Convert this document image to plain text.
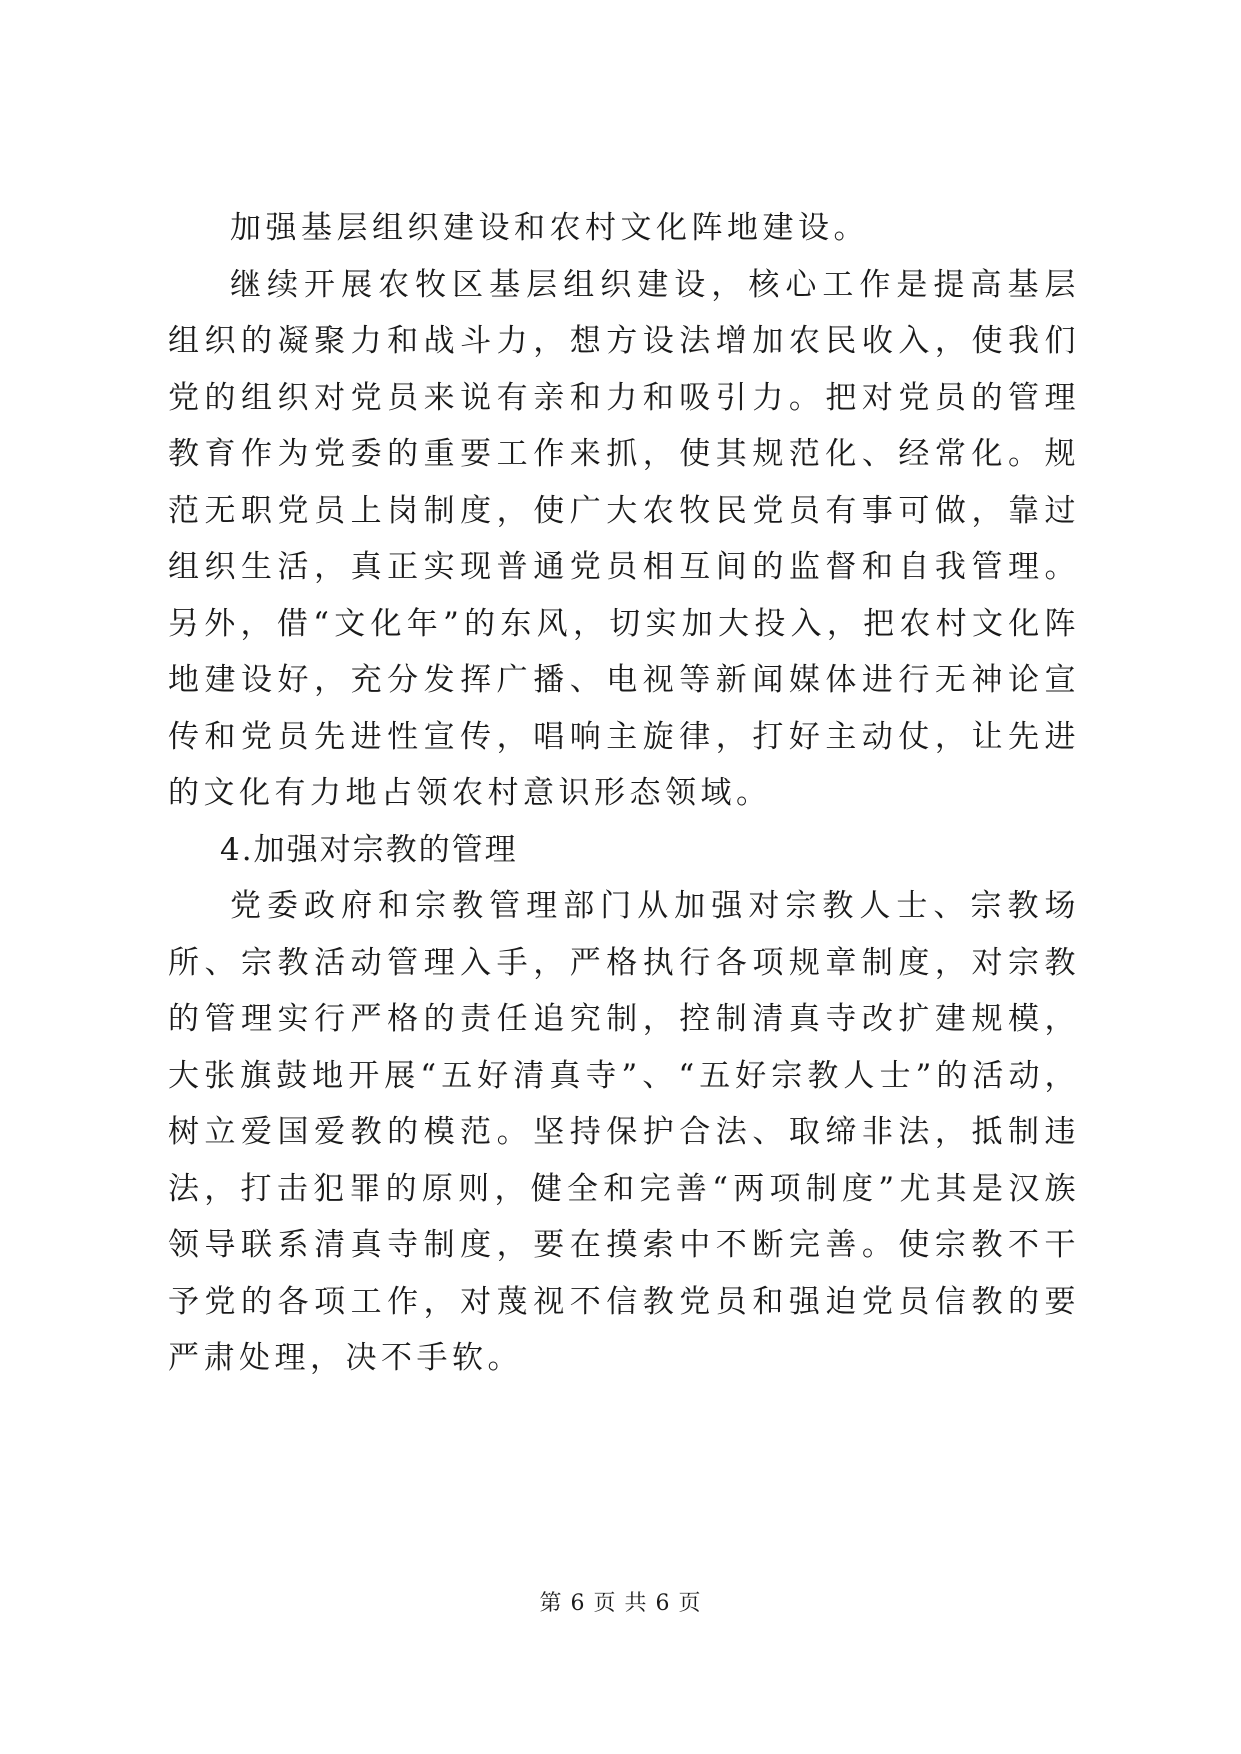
加强基层组织建设和农村文化阵地建设。

继续开展农牧区基层组织建设，核心工作是提高基层组织的凝聚力和战斗力，想方设法增加农民收入，使我们党的组织对党员来说有亲和力和吸引力。把对党员的管理教育作为党委的重要工作来抓，使其规范化、经常化。规范无职党员上岗制度，使广大农牧民党员有事可做，靠过组织生活，真正实现普通党员相互间的监督和自我管理。另外，借“文化年”的东风，切实加大投入，把农村文化阵地建设好，充分发挥广播、电视等新闻媒体进行无神论宣传和党员先进性宣传，唱响主旋律，打好主动仗，让先进的文化有力地占领农村意识形态领域。

4.加强对宗教的管理

党委政府和宗教管理部门从加强对宗教人士、宗教场所、宗教活动管理入手，严格执行各项规章制度，对宗教的管理实行严格的责任追究制，控制清真寺改扩建规模，大张旗鼓地开展“五好清真寺”、“五好宗教人士”的活动，树立爱国爱教的模范。坚持保护合法、取缔非法，抵制违法，打击犯罪的原则，健全和完善“两项制度”尤其是汉族领导联系清真寺制度，要在摸索中不断完善。使宗教不干予党的各项工作，对蔑视不信教党员和强迫党员信教的要严肃处理，决不手软。

第 6 页 共 6 页
